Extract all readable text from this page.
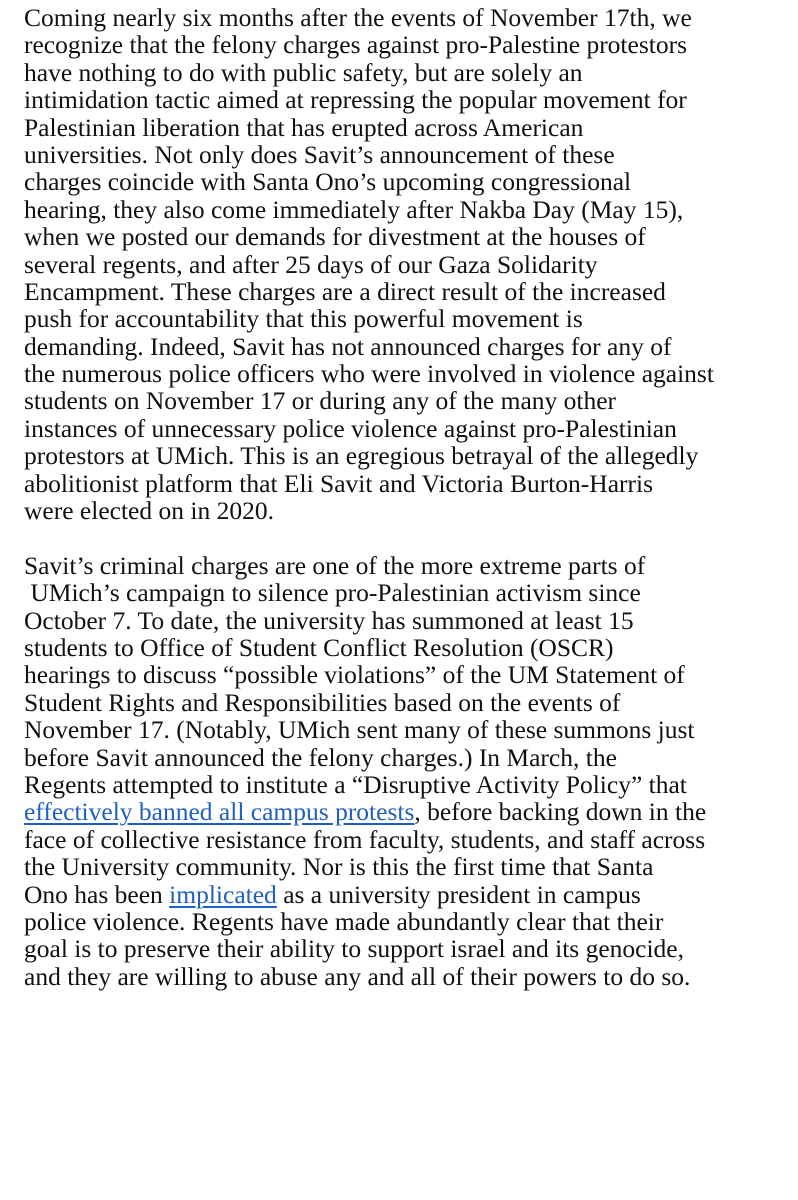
Coming nearly six months after the events of November 17th, we
recognize that the felony charges against pro-Palestine protestors
have nothing to do with public safety, but are solely an
intimidation tactic aimed at repressing the popular movement for
Palestinian liberation that has erupted across American
universities. Not only does Savit’s announcement of these
charges coincide with Santa Ono’s upcoming congressional
hearing, they also come immediately after Nakba Day (May 15),
when we posted our demands for divestment at the houses of
several regents, and after 25 days of our Gaza Solidarity
Encampment. These charges are a direct result of the increased
push for accountability that this powerful movement is
demanding. Indeed, Savit has not announced charges for any of
the numerous police officers who were involved in violence against
students on November 17 or during any of the many other
instances of unnecessary police violence against pro-Palestinian
protestors at UMich. This is an egregious betrayal of the allegedly
abolitionist platform that Eli Savit and Victoria Burton-Harris
were elected on in 2020.
Savit’s criminal charges are one of the more extreme parts of
UMich’s campaign to silence pro-Palestinian activism since
October 7. To date, the university has summoned at least 15
students to Office of Student Conflict Resolution (OSCR)
hearings to discuss “possible violations” of the UM Statement of
Student Rights and Responsibilities based on the events of
November 17. (Notably, UMich sent many of these summons just
before Savit announced the felony charges.) In March, the
Regents attempted to institute a “Disruptive Activity Policy” that
effectively banned all campus protests, before backing down in the
face of collective resistance from faculty, students, and staff across
the University community. Nor is this the first time that Santa
Ono has been implicated as a university president in campus
police violence. Regents have made abundantly clear that their
goal is to preserve their ability to support israel and its genocide,
and they are willing to abuse any and all of their powers to do so.
